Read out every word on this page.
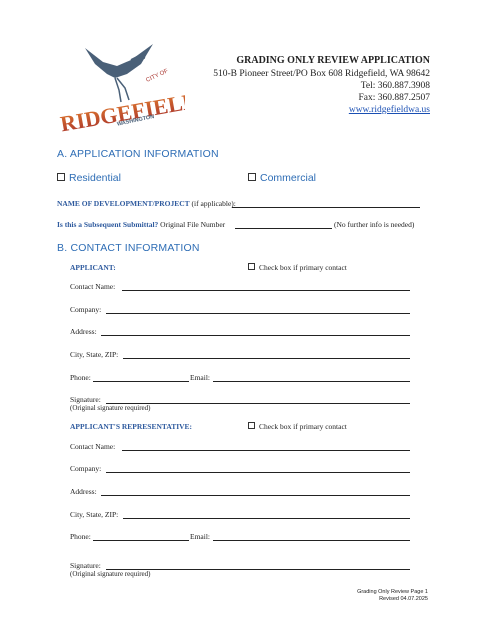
CITY OF
RIDGEFIELD
WASHINGTON
GRADING ONLY REVIEW APPLICATION
510-B Pioneer Street/PO Box 608 Ridgefield, WA 98642
Tel: 360.887.3908
Fax: 360.887.2507
www.ridgefieldwa.us
A. APPLICATION INFORMATION
Residential	Commercial
NAME OF DEVELOPMENT/PROJECT (if applicable):
Is this a Subsequent Submittal? Original File Number	(No further info is needed)
B. CONTACT INFORMATION
APPLICANT:	Check box if primary contact
Contact Name:
Company:
Address:
City, State, ZIP:
Phone:	Email:
Signature:
(Original signature required)
APPLICANT'S REPRESENTATIVE:	Check box if primary contact
Contact Name:
Company:
Address:
City, State, ZIP:
Phone:	Email:
Signature:
(Original signature required)
Grading Only Review Page 1
Revised 04.07.2025
